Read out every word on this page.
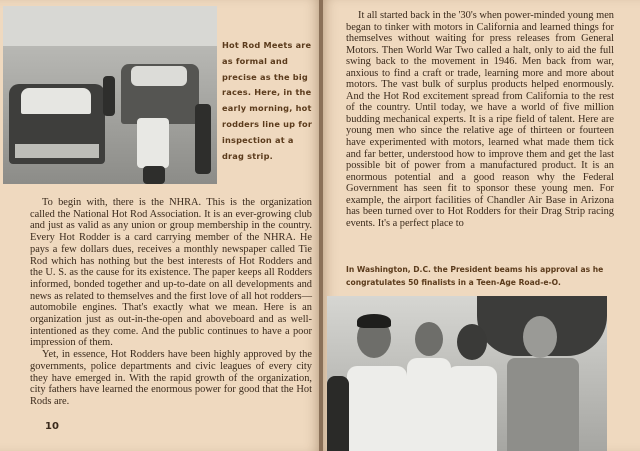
Hot Rod Meets are as formal and precise as the big races. Here, in the early morning, hot rodders line up for inspection at a drag strip.

To begin with, there is the NHRA. This is the organization called the National Hot Rod Association. It is an ever-growing club and just as valid as any union or group membership in the country. Every Hot Rodder is a card carrying member of the NHRA. He pays a few dollars dues, receives a monthly newspaper called Tie Rod which has nothing but the best interests of Hot Rodders and the U. S. as the cause for its existence. The paper keeps all Rodders informed, bonded together and up-to-date on all developments and news as related to themselves and the first love of all hot rodders—automobile engines. That's exactly what we mean. Here is an organization just as out-in-the-open and aboveboard and as well-intentioned as they come. And the public continues to have a poor impression of them.

Yet, in essence, Hot Rodders have been highly approved by the governments, police departments and civic leagues of every city they have emerged in. With the rapid growth of the organization, city fathers have learned the enormous power for good that the Hot Rods are.

10

It all started back in the '30's when power-minded young men began to tinker with motors in California and learned things for themselves without waiting for press releases from General Motors. Then World War Two called a halt, only to aid the full swing back to the movement in 1946. Men back from war, anxious to find a craft or trade, learning more and more about motors. The vast bulk of surplus products helped enormously. And the Hot Rod excitement spread from California to the rest of the country. Until today, we have a world of five million budding mechanical experts. It is a ripe field of talent. Here are young men who since the relative age of thirteen or fourteen have experimented with motors, learned what made them tick and far better, understood how to improve them and get the last possible bit of power from a manufactured product. It is an enormous potential and a good reason why the Federal Government has seen fit to sponsor these young men. For example, the airport facilities of Chandler Air Base in Arizona has been turned over to Hot Rodders for their Drag Strip racing events. It's a perfect place to

In Washington, D.C. the President beams his approval as he congratulates 50 finalists in a Teen-Age Road-e-O.
